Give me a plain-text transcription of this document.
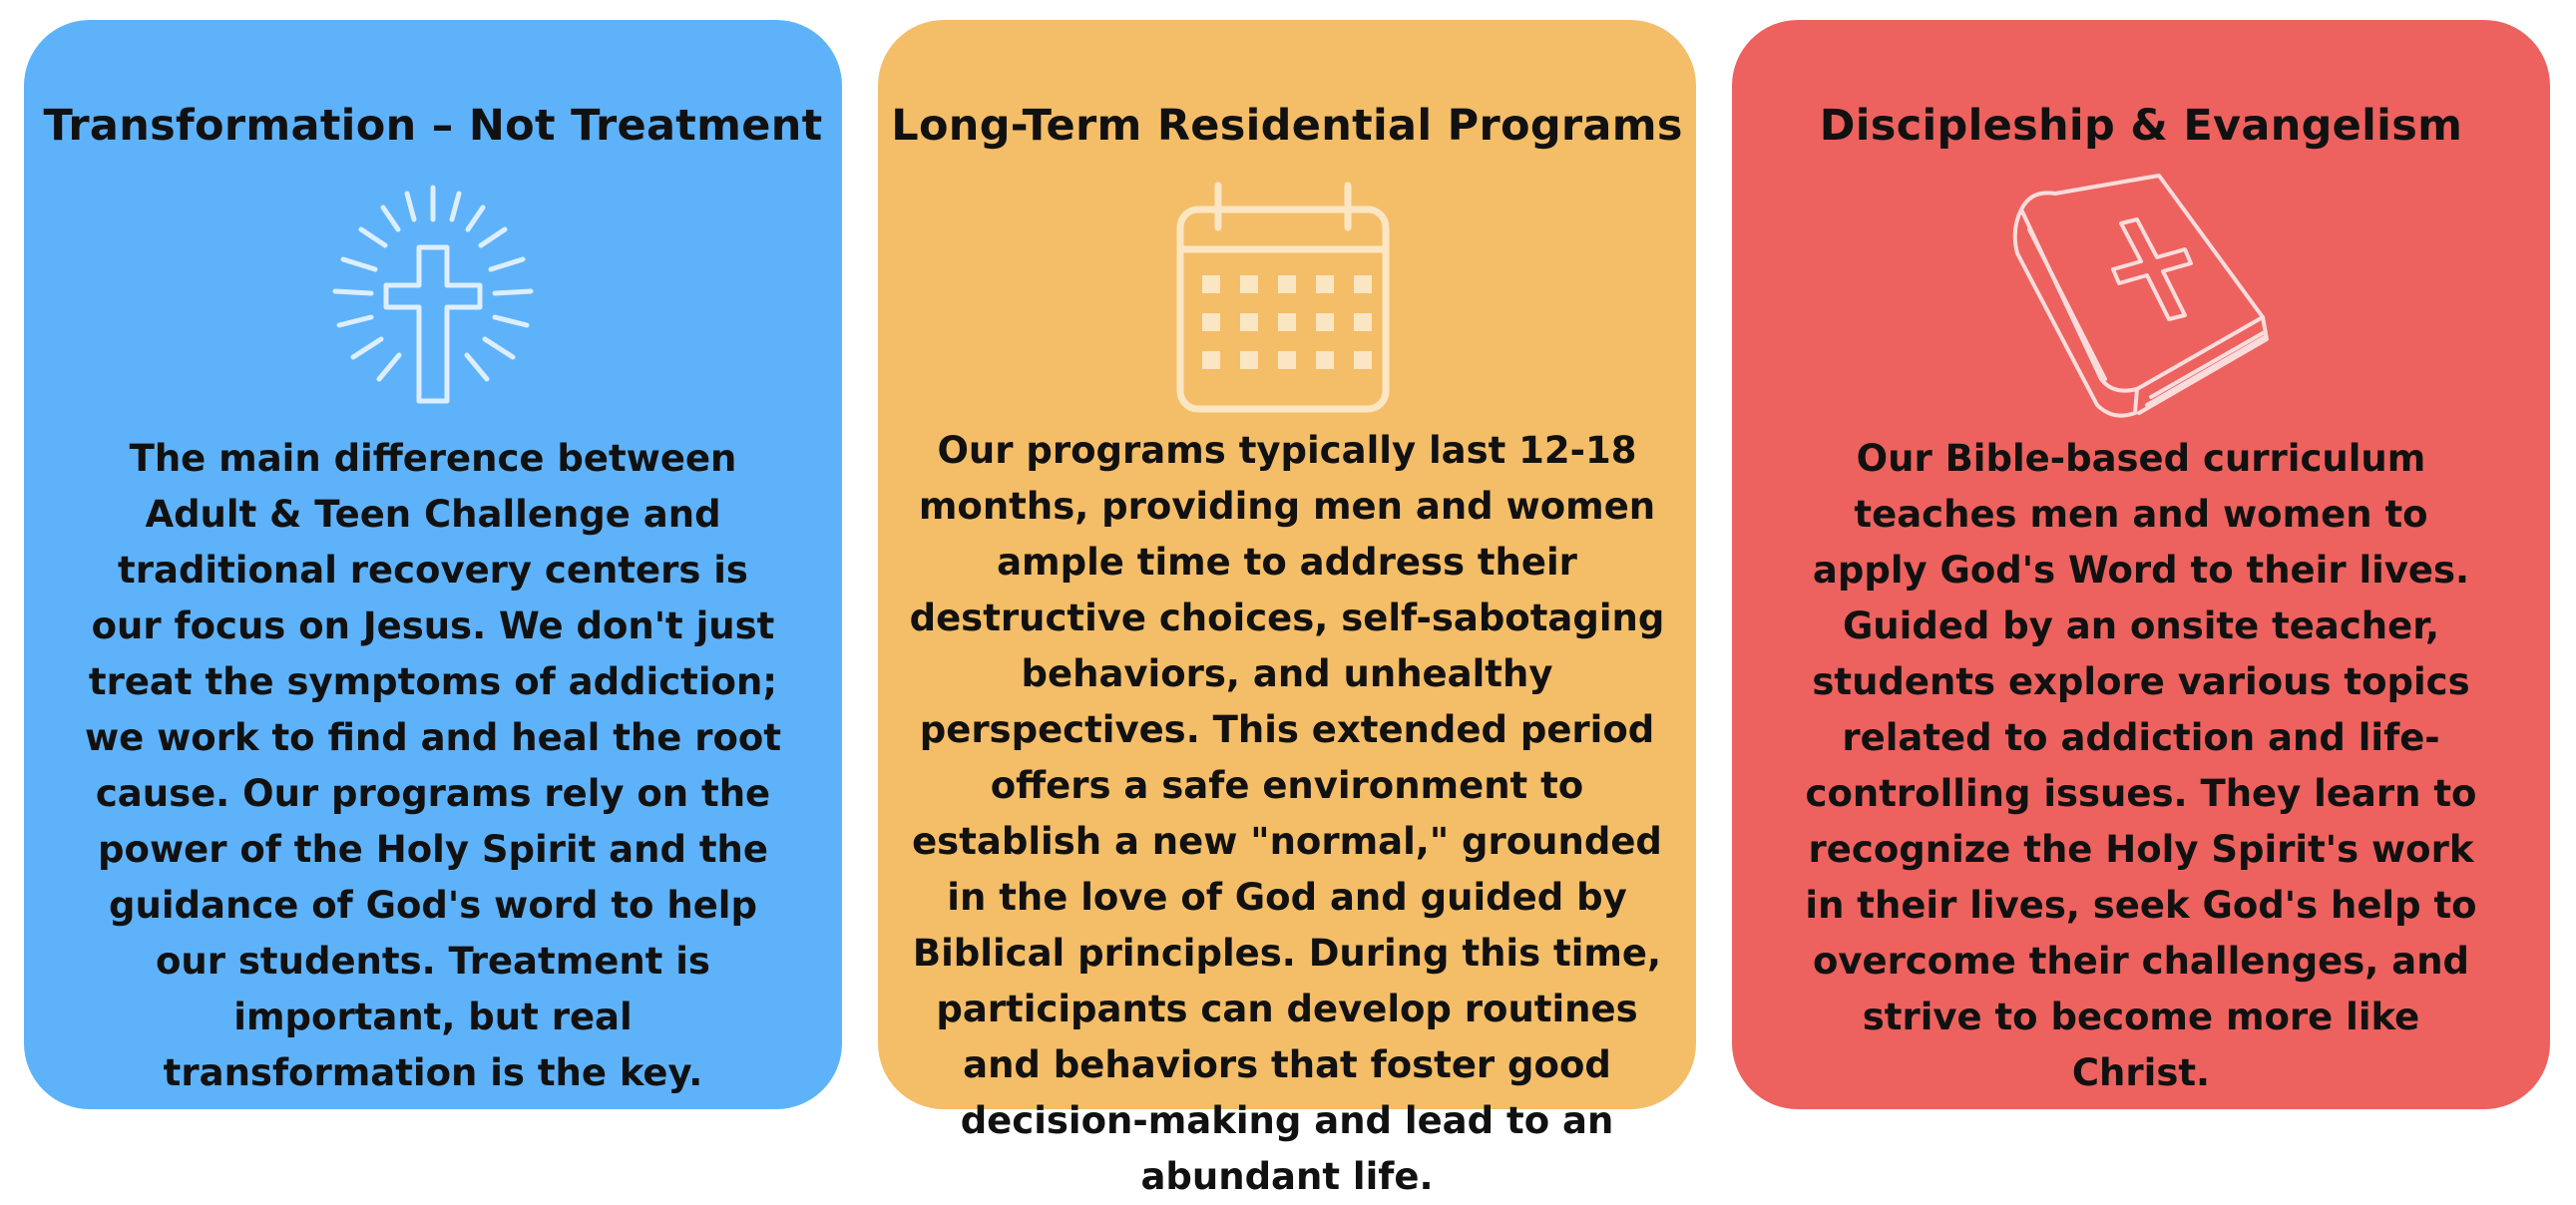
Transformation – Not Treatment

The main difference between Adult & Teen Challenge and traditional recovery centers is our focus on Jesus. We don't just treat the symptoms of addiction; we work to find and heal the root cause. Our programs rely on the power of the Holy Spirit and the guidance of God's word to help our students. Treatment is important, but real transformation is the key.

Long-Term Residential Programs

Our programs typically last 12-18 months, providing men and women ample time to address their destructive choices, self-sabotaging behaviors, and unhealthy perspectives. This extended period offers a safe environment to establish a new "normal," grounded in the love of God and guided by Biblical principles. During this time, participants can develop routines and behaviors that foster good decision-making and lead to an abundant life.

Discipleship & Evangelism

Our Bible-based curriculum teaches men and women to apply God's Word to their lives. Guided by an onsite teacher, students explore various topics related to addiction and life-controlling issues. They learn to recognize the Holy Spirit's work in their lives, seek God's help to overcome their challenges, and strive to become more like Christ.
